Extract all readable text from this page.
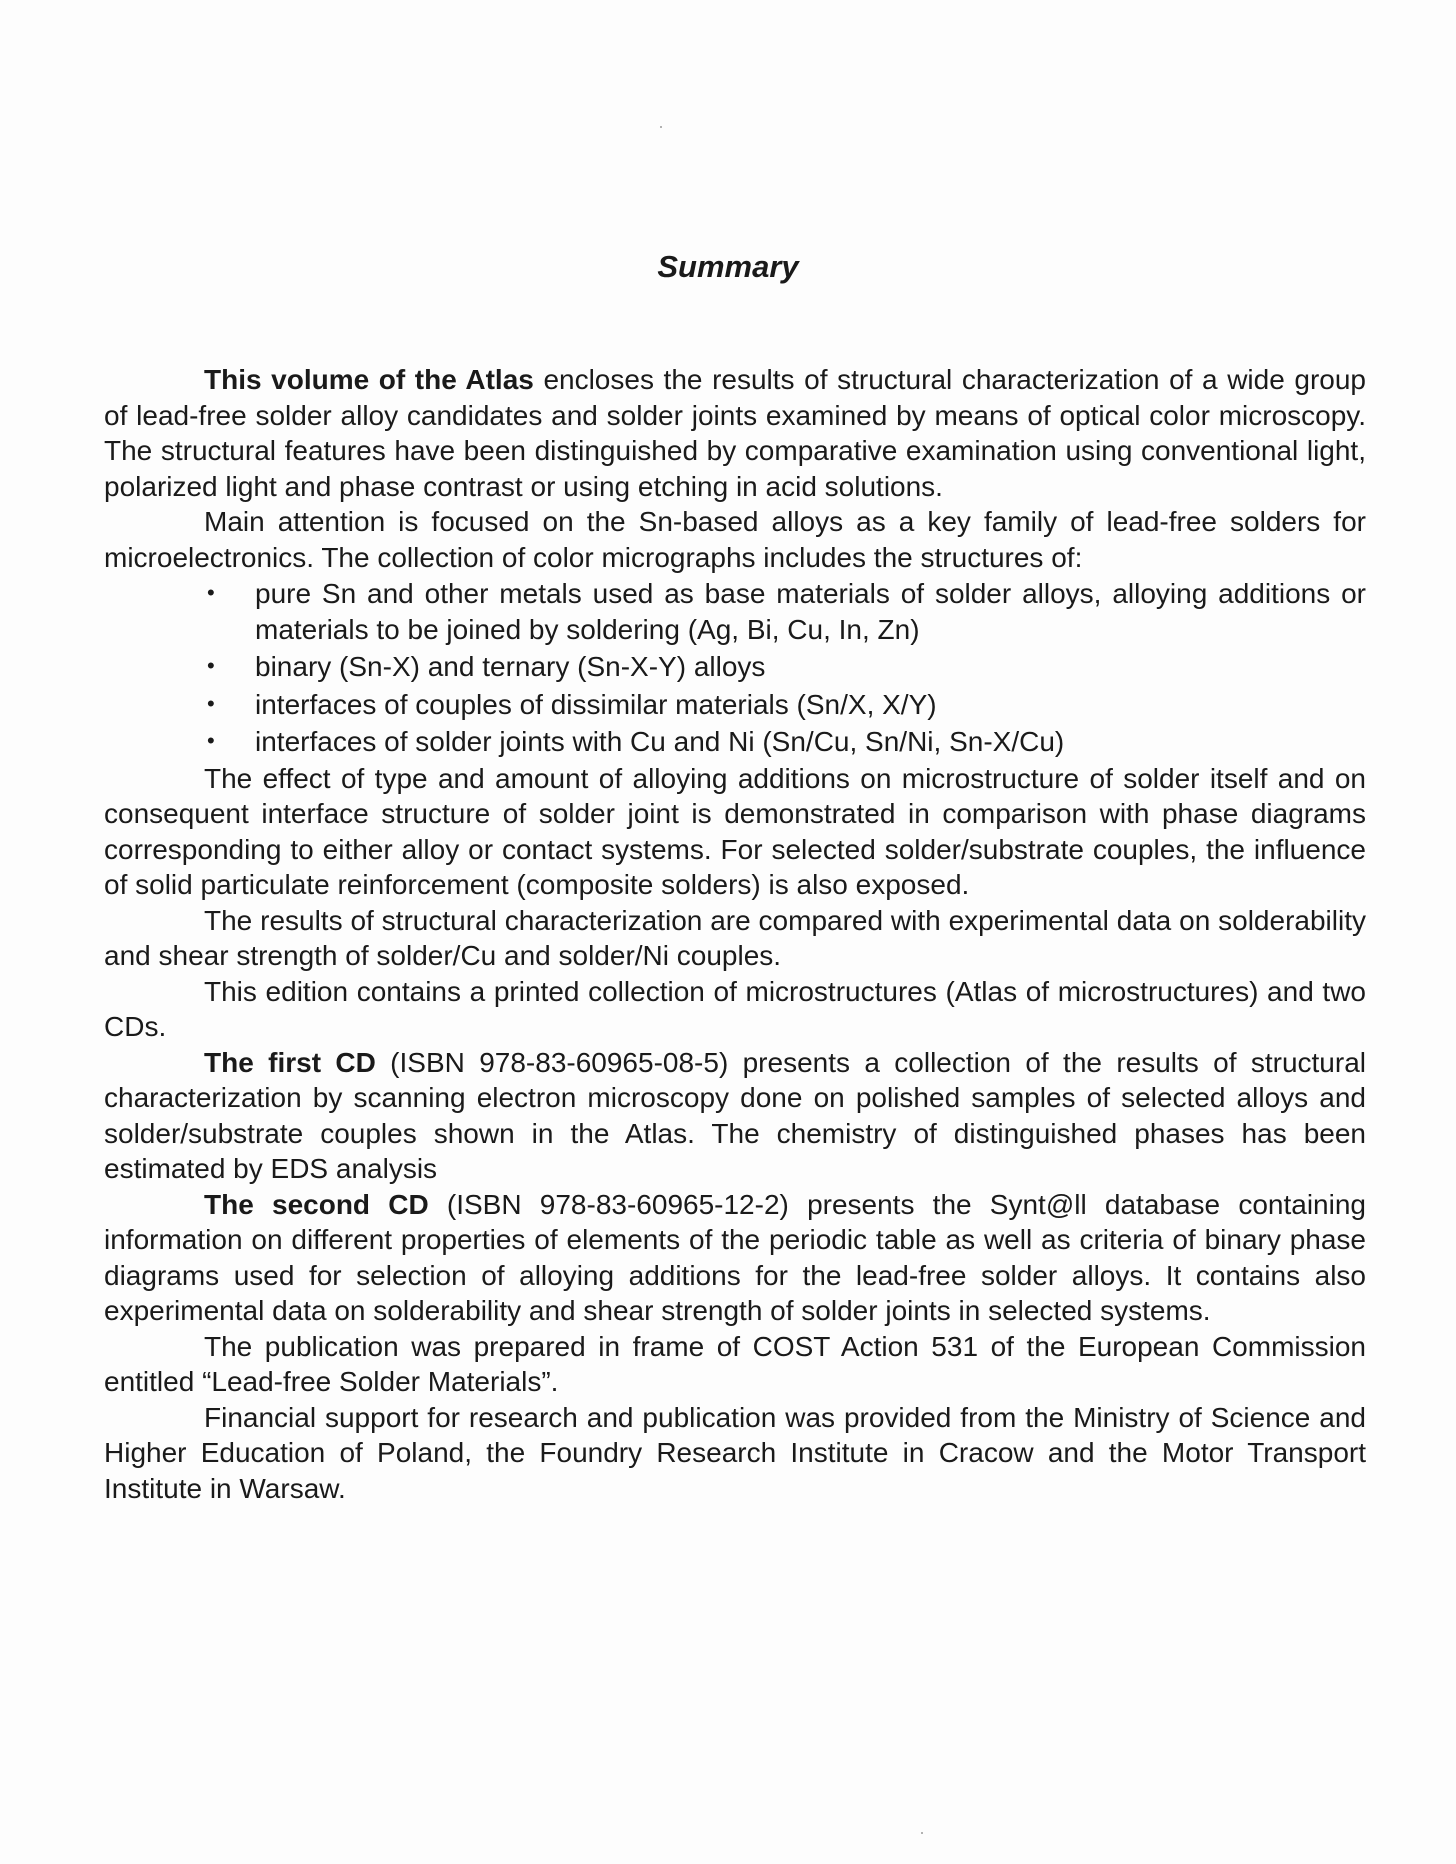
Summary

This volume of the Atlas encloses the results of structural characterization of a wide group of lead-free solder alloy candidates and solder joints examined by means of optical color microscopy. The structural features have been distinguished by comparative examination using conventional light, polarized light and phase contrast or using etching in acid solutions.

Main attention is focused on the Sn-based alloys as a key family of lead-free solders for microelectronics. The collection of color micrographs includes the structures of:

•	pure Sn and other metals used as base materials of solder alloys, alloying additions or materials to be joined by soldering (Ag, Bi, Cu, In, Zn)
•	binary (Sn-X) and ternary (Sn-X-Y) alloys
•	interfaces of couples of dissimilar materials (Sn/X, X/Y)
•	interfaces of solder joints with Cu and Ni (Sn/Cu, Sn/Ni, Sn-X/Cu)

The effect of type and amount of alloying additions on microstructure of solder itself and on consequent interface structure of solder joint is demonstrated in comparison with phase diagrams corresponding to either alloy or contact systems. For selected solder/substrate couples, the influence of solid particulate reinforcement (composite solders) is also exposed.

The results of structural characterization are compared with experimental data on solderability and shear strength of solder/Cu and solder/Ni couples.

This edition contains a printed collection of microstructures (Atlas of microstructures) and two CDs.

The first CD (ISBN 978-83-60965-08-5) presents a collection of the results of structural characterization by scanning electron microscopy done on polished samples of selected alloys and solder/substrate couples shown in the Atlas. The chemistry of distinguished phases has been estimated by EDS analysis

The second CD (ISBN 978-83-60965-12-2) presents the Synt@ll database containing information on different properties of elements of the periodic table as well as criteria of binary phase diagrams used for selection of alloying additions for the lead-free solder alloys. It contains also experimental data on solderability and shear strength of solder joints in selected systems.

The publication was prepared in frame of COST Action 531 of the European Commission entitled “Lead-free Solder Materials”.

Financial support for research and publication was provided from the Ministry of Science and Higher Education of Poland, the Foundry Research Institute in Cracow and the Motor Transport Institute in Warsaw.
